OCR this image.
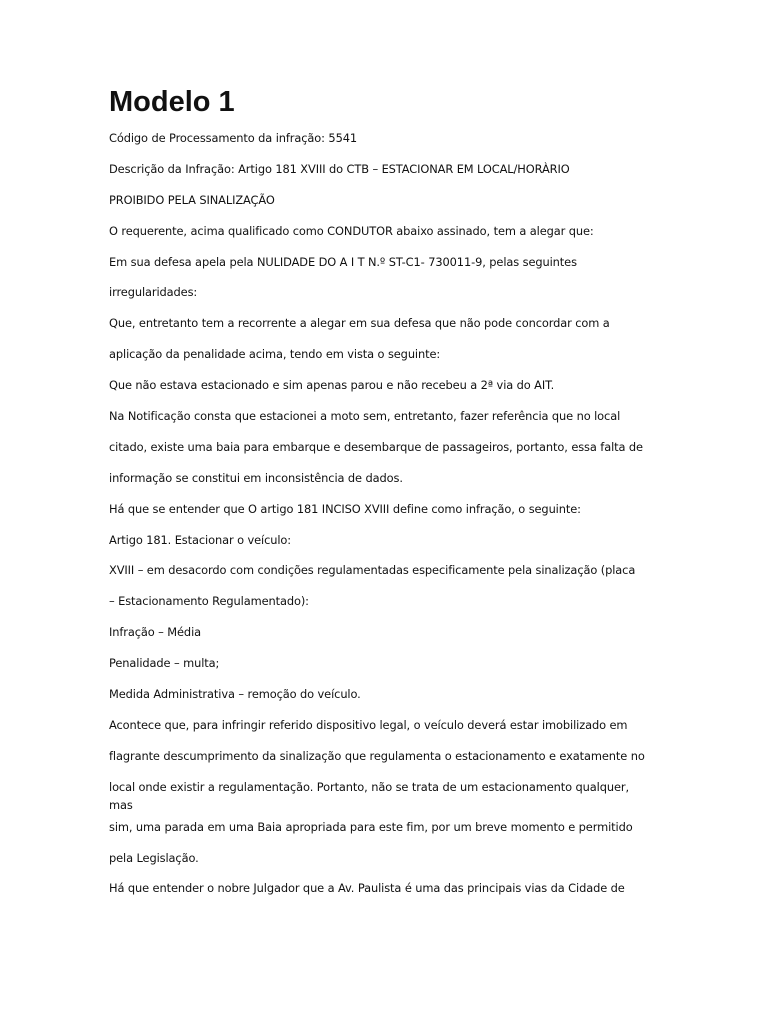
Modelo 1
Código de Processamento da infração: 5541
Descrição da Infração: Artigo 181 XVIII do CTB – ESTACIONAR EM LOCAL/HORÀRIO
PROIBIDO PELA SINALIZAÇÃO
O requerente, acima qualificado como CONDUTOR abaixo assinado, tem a alegar que:
Em sua defesa apela pela NULIDADE DO A I T N.º ST-C1- 730011-9, pelas seguintes
irregularidades:
Que, entretanto tem a recorrente a alegar em sua defesa que não pode concordar com a
aplicação da penalidade acima, tendo em vista o seguinte:
Que não estava estacionado e sim apenas parou e não recebeu a 2ª via do AIT.
Na Notificação consta que estacionei a moto sem, entretanto, fazer referência que no local
citado, existe uma baia para embarque e desembarque de passageiros, portanto, essa falta de
informação se constitui em inconsistência de dados.
Há que se entender que O artigo 181 INCISO XVIII define como infração, o seguinte:
Artigo 181. Estacionar o veículo:
XVIII – em desacordo com condições regulamentadas especificamente pela sinalização (placa
– Estacionamento Regulamentado):
Infração – Média
Penalidade – multa;
Medida Administrativa – remoção do veículo.
Acontece que, para infringir referido dispositivo legal, o veículo deverá estar imobilizado em
flagrante descumprimento da sinalização que regulamenta o estacionamento e exatamente no
local onde existir a regulamentação. Portanto, não se trata de um estacionamento qualquer,
mas
sim, uma parada em uma Baia apropriada para este fim, por um breve momento e permitido
pela Legislação.
Há que entender o nobre Julgador que a Av. Paulista é uma das principais vias da Cidade de
